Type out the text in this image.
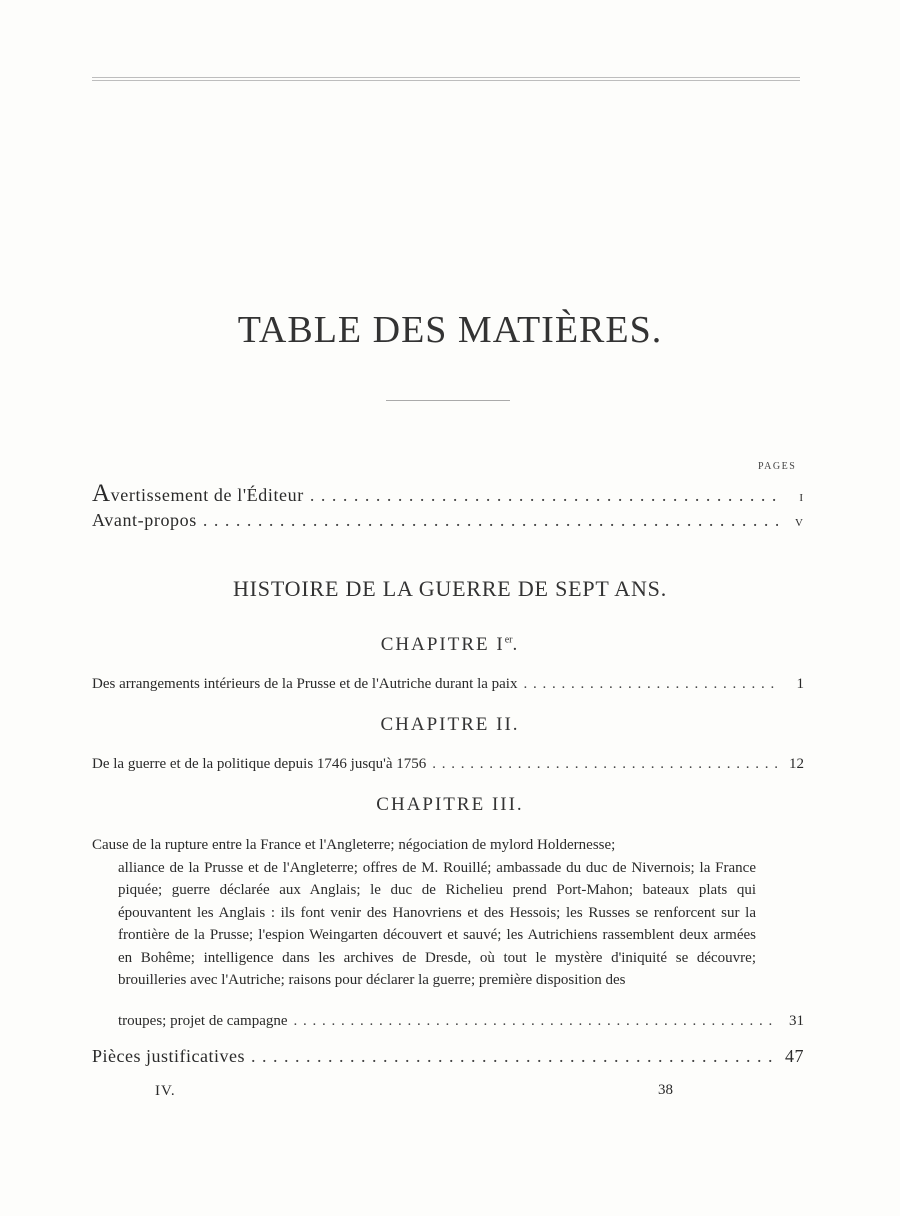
TABLE DES MATIÈRES.
PAGES
Avertissement de l'Éditeur . . .	I
Avant-propos . . .	V
HISTOIRE DE LA GUERRE DE SEPT ANS.
CHAPITRE Ier.
Des arrangements intérieurs de la Prusse et de l'Autriche durant la paix . . .	1
CHAPITRE II.
De la guerre et de la politique depuis 1746 jusqu'à 1756 . . .	12
CHAPITRE III.
Cause de la rupture entre la France et l'Angleterre; négociation de mylord Holdernesse;
alliance de la Prusse et de l'Angleterre; offres de M. Rouillé; ambassade du duc de Nivernois; la France piquée; guerre déclarée aux Anglais; le duc de Richelieu prend Port-Mahon; bateaux plats qui épouvantent les Anglais : ils font venir des Hanovriens et des Hessois; les Russes se renforcent sur la frontière de la Prusse; l'espion Weingarten découvert et sauvé; les Autrichiens rassemblent deux armées en Bohême; intelligence dans les archives de Dresde, où tout le mystère d'iniquité se découvre; brouilleries avec l'Autriche; raisons pour déclarer la guerre; première disposition des
troupes; projet de campagne . . .	31
Pièces justificatives . . .	47
IV.	38
